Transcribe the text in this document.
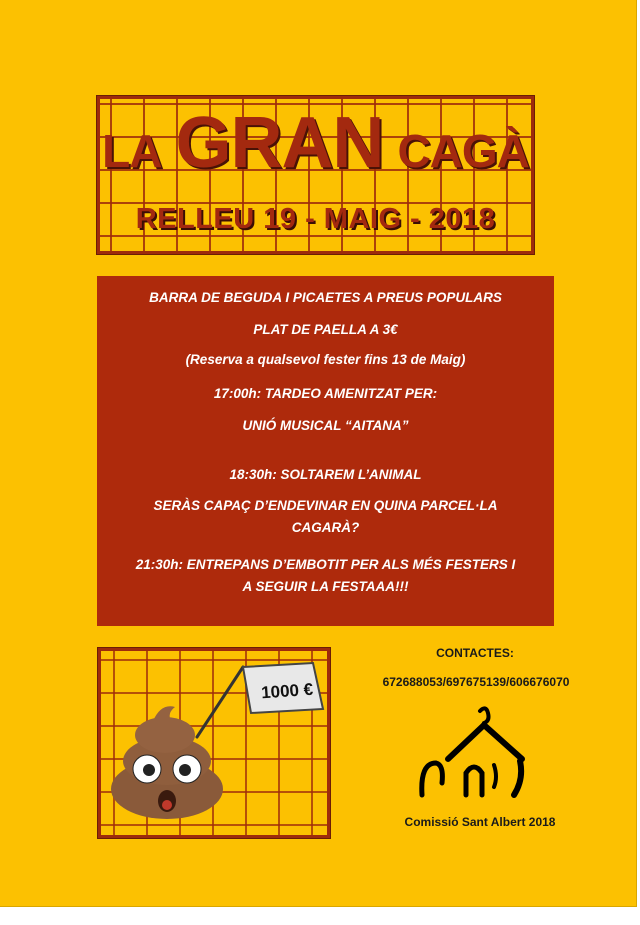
LA GRAN CAGÀ
RELLEU 19 - MAIG - 2018
BARRA DE BEGUDA I PICAETES A PREUS POPULARS
PLAT DE PAELLA A 3€
(Reserva a qualsevol fester fins 13 de Maig)
17:00h: TARDEO AMENITZAT PER:
UNIÓ MUSICAL “AITANA”
18:30h: SOLTAREM L’ANIMAL
SERÀS CAPAÇ D’ENDEVINAR EN QUINA PARCEL·LA
CAGARÀ?
21:30h: ENTREPANS D’EMBOTIT PER ALS MÉS FESTERS I
A SEGUIR LA FESTAAA!!!
1000 €
CONTACTES:
672688053/697675139/606676070
Comissió Sant Albert 2018
